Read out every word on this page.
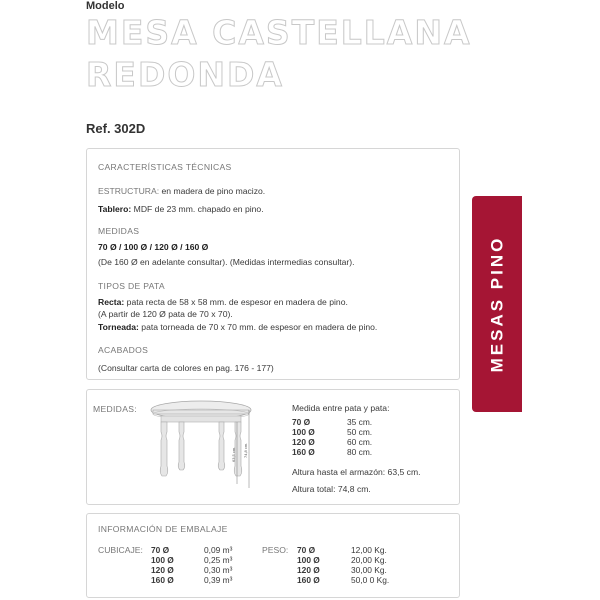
Modelo
MESA CASTELLANA
REDONDA
Ref. 302D
CARACTERÍSTICAS TÉCNICAS
ESTRUCTURA: en madera de pino macizo.
Tablero: MDF de 23 mm. chapado en pino.
MEDIDAS
70 Ø / 100 Ø / 120 Ø / 160 Ø
(De 160 Ø en adelante consultar). (Medidas intermedias consultar).
TIPOS DE PATA
Recta: pata recta de 58 x 58 mm. de espesor en madera de pino.
(A partir de 120 Ø pata de 70 x 70).
Torneada: pata torneada de 70 x 70 mm. de espesor en madera de pino.
ACABADOS
(Consultar carta de colores en pag. 176 - 177)	MESAS PINO
MEDIDAS:
63,5 cm. 74,8 cm.
Medida entre pata y pata:
70 Ø	35 cm.
100 Ø	50 cm.
120 Ø	60 cm.
160 Ø	80 cm.
Altura hasta el armazón: 63,5 cm.
Altura total: 74,8 cm.
INFORMACIÓN DE EMBALAJE
CUBICAJE:	PESO:
70 Ø	0,09 m³	70 Ø	12,00 Kg.
100 Ø	0,25 m³	100 Ø	20,00 Kg.
120 Ø	0,30 m³	120 Ø	30,00 Kg.
160 Ø	0,39 m³	160 Ø	50,0 0 Kg.
